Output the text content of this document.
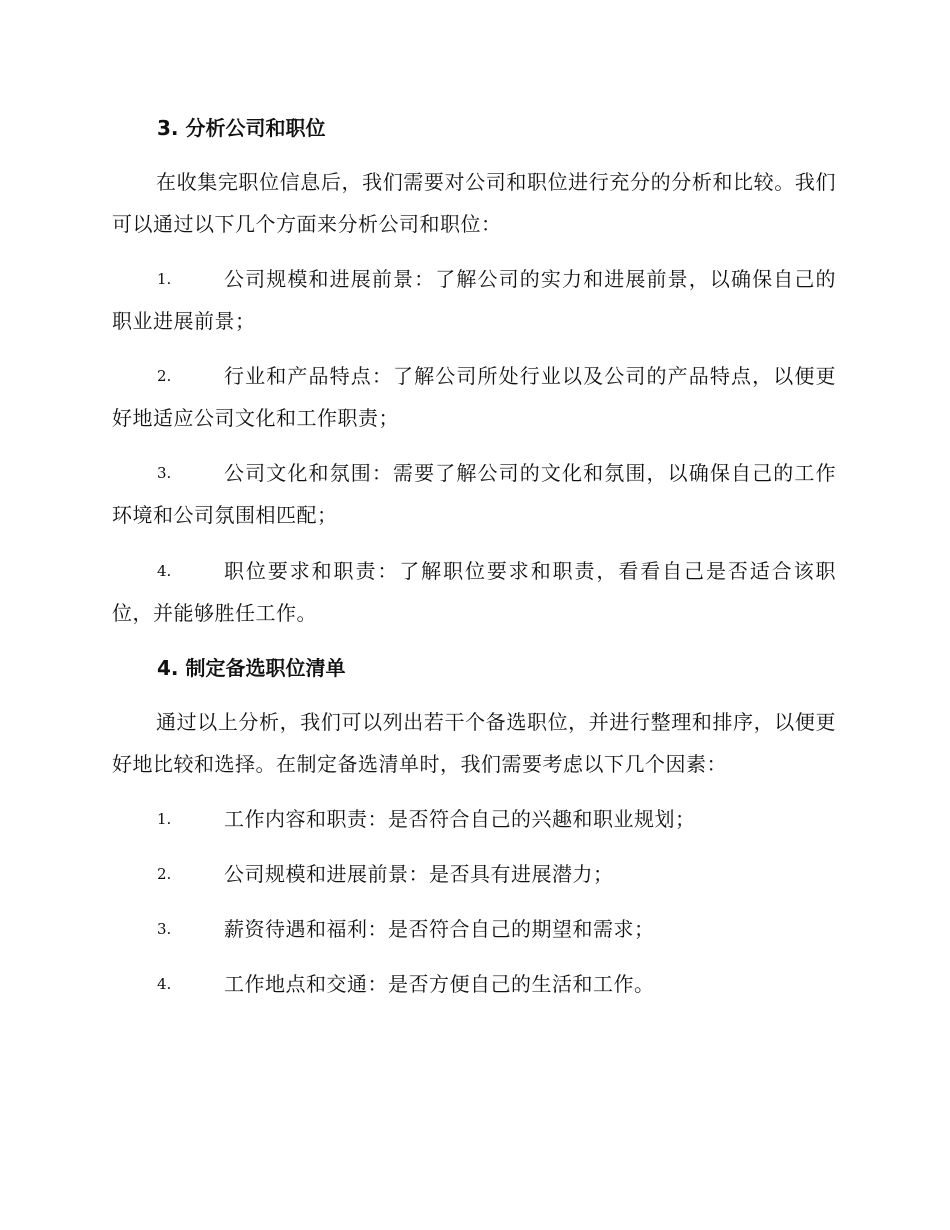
3. 分析公司和职位
在收集完职位信息后，我们需要对公司和职位进行充分的分析和比较。我们可以通过以下几个方面来分析公司和职位：
1.	公司规模和进展前景：了解公司的实力和进展前景，以确保自己的职业进展前景；
2.	行业和产品特点：了解公司所处行业以及公司的产品特点，以便更好地适应公司文化和工作职责；
3.	公司文化和氛围：需要了解公司的文化和氛围，以确保自己的工作环境和公司氛围相匹配；
4.	职位要求和职责：了解职位要求和职责，看看自己是否适合该职位，并能够胜任工作。
4. 制定备选职位清单
通过以上分析，我们可以列出若干个备选职位，并进行整理和排序，以便更好地比较和选择。在制定备选清单时，我们需要考虑以下几个因素：
1.	工作内容和职责：是否符合自己的兴趣和职业规划；
2.	公司规模和进展前景：是否具有进展潜力；
3.	薪资待遇和福利：是否符合自己的期望和需求；
4.	工作地点和交通：是否方便自己的生活和工作。
